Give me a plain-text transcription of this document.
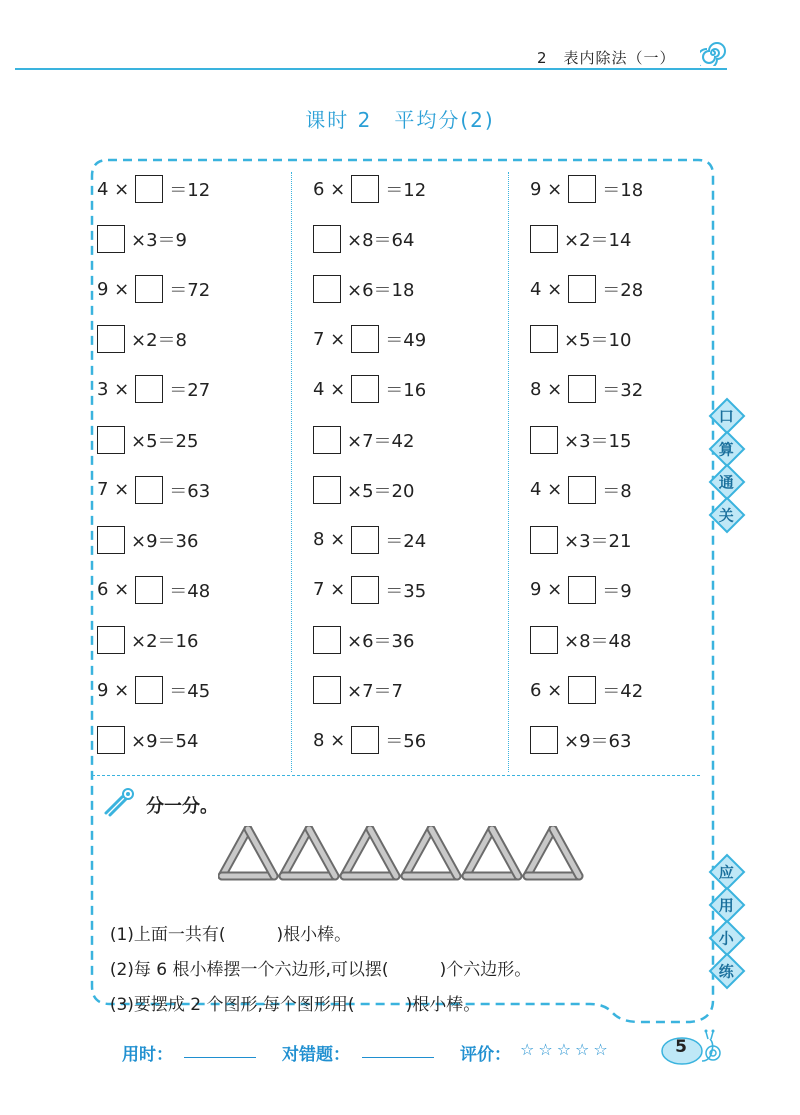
2　表内除法（一）
课时 2　平均分(2)
4 × ＝12
×3＝9
9 × ＝72
×2＝8
3 × ＝27
×5＝25
7 × ＝63
×9＝36
6 × ＝48
×2＝16
9 × ＝45
×9＝54
6 × ＝12
×8＝64
×6＝18
7 × ＝49
4 × ＝16
×7＝42
×5＝20
8 × ＝24
7 × ＝35
×6＝36
×7＝7
8 × ＝56
9 × ＝18
×2＝14
4 × ＝28
×5＝10
8 × ＝32
×3＝15
4 × ＝8
×3＝21
9 × ＝9
×8＝48
6 × ＝42
×9＝63
口
算
通
关
应
用
小
练
分一分。

(1)上面一共有(　　　	)根小棒。

(2)每 6 根小棒摆一个六边形,可以摆(　　　	)个六边形。

(3)要摆成 2 个图形,每个图形用(　　　	)根小棒。

用时：	对错题：	评价： ☆☆☆☆☆	5
